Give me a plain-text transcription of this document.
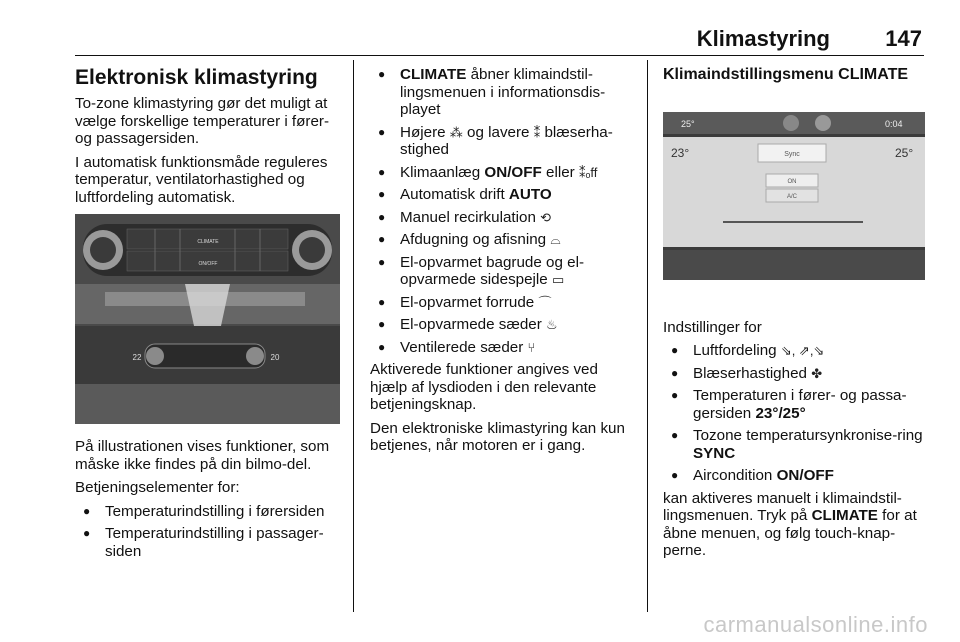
Klimastyring	147
Elektronisk klimastyring

To-zone klimastyring gør det muligt at vælge forskellige temperaturer i fører- og passagersiden.

I automatisk funktionsmåde reguleres temperatur, ventilatorhastighed og luftfordeling automatisk.

CLIMATE
ON/OFF
22	20

På illustrationen vises funktioner, som måske ikke findes på din bilmo-del.

Betjeningselementer for:

● Temperaturindstilling i førersiden
● Temperaturindstilling i passager-siden
● CLIMATE åbner klimaindstil-lingsmenuen i informationsdis-playet
● Højere ⁂ og lavere ⁑ blæserha-stighed
● Klimaanlæg ON/OFF eller ⁑ₒff
● Automatisk drift AUTO
● Manuel recirkulation ⟲
● Afdugning og afisning ⌓
● El-opvarmet bagrude og el-opvarmede sidespejle ▭
● El-opvarmet forrude ⌒
● El-opvarmede sæder ♨
● Ventilerede sæder ⑂

Aktiverede funktioner angives ved hjælp af lysdioden i den relevante betjeningsknap.

Den elektroniske klimastyring kan kun betjenes, når motoren er i gang.

Klimaindstillingsmenu CLIMATE
25°	0:04
23°	25°
Sync
ON
A/C

Indstillinger for

● Luftfordeling ⇘, ⇗,⇘
● Blæserhastighed ✤
● Temperaturen i fører- og passa-gersiden 23°/25°
● Tozone temperatursynkronise-ring SYNC
● Aircondition ON/OFF

kan aktiveres manuelt i klimaindstil-lingsmenuen. Tryk på CLIMATE for at åbne menuen, og følg touch-knap-perne.

carmanualsonline.info
